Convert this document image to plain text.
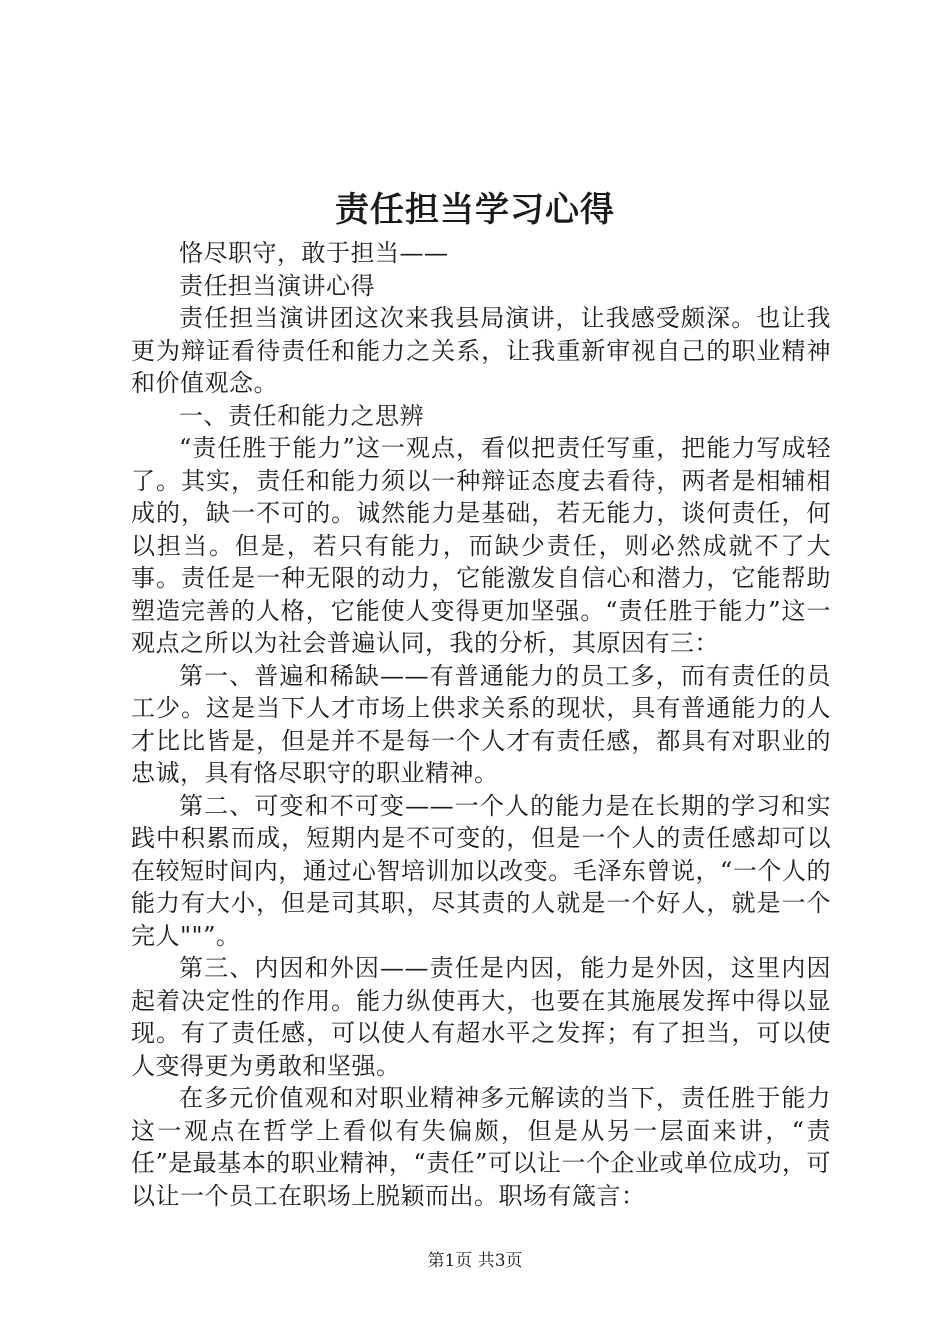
责任担当学习心得

恪尽职守，敢于担当——

责任担当演讲心得

责任担当演讲团这次来我县局演讲，让我感受颇深。也让我更为辩证看待责任和能力之关系，让我重新审视自己的职业精神和价值观念。

一、责任和能力之思辨

“责任胜于能力”这一观点，看似把责任写重，把能力写成轻了。其实，责任和能力须以一种辩证态度去看待，两者是相辅相成的，缺一不可的。诚然能力是基础，若无能力，谈何责任，何以担当。但是，若只有能力，而缺少责任，则必然成就不了大事。责任是一种无限的动力，它能激发自信心和潜力，它能帮助塑造完善的人格，它能使人变得更加坚强。“责任胜于能力”这一观点之所以为社会普遍认同，我的分析，其原因有三：

第一、普遍和稀缺——有普通能力的员工多，而有责任的员工少。这是当下人才市场上供求关系的现状，具有普通能力的人才比比皆是，但是并不是每一个人才有责任感，都具有对职业的忠诚，具有恪尽职守的职业精神。

第二、可变和不可变——一个人的能力是在长期的学习和实践中积累而成，短期内是不可变的，但是一个人的责任感却可以在较短时间内，通过心智培训加以改变。毛泽东曾说，“一个人的能力有大小，但是司其职，尽其责的人就是一个好人，就是一个完人""”。

第三、内因和外因——责任是内因，能力是外因，这里内因起着决定性的作用。能力纵使再大，也要在其施展发挥中得以显现。有了责任感，可以使人有超水平之发挥；有了担当，可以使人变得更为勇敢和坚强。

在多元价值观和对职业精神多元解读的当下，责任胜于能力这一观点在哲学上看似有失偏颇，但是从另一层面来讲，“责任”是最基本的职业精神，“责任”可以让一个企业或单位成功，可以让一个员工在职场上脱颖而出。职场有箴言：

第1页 共3页
